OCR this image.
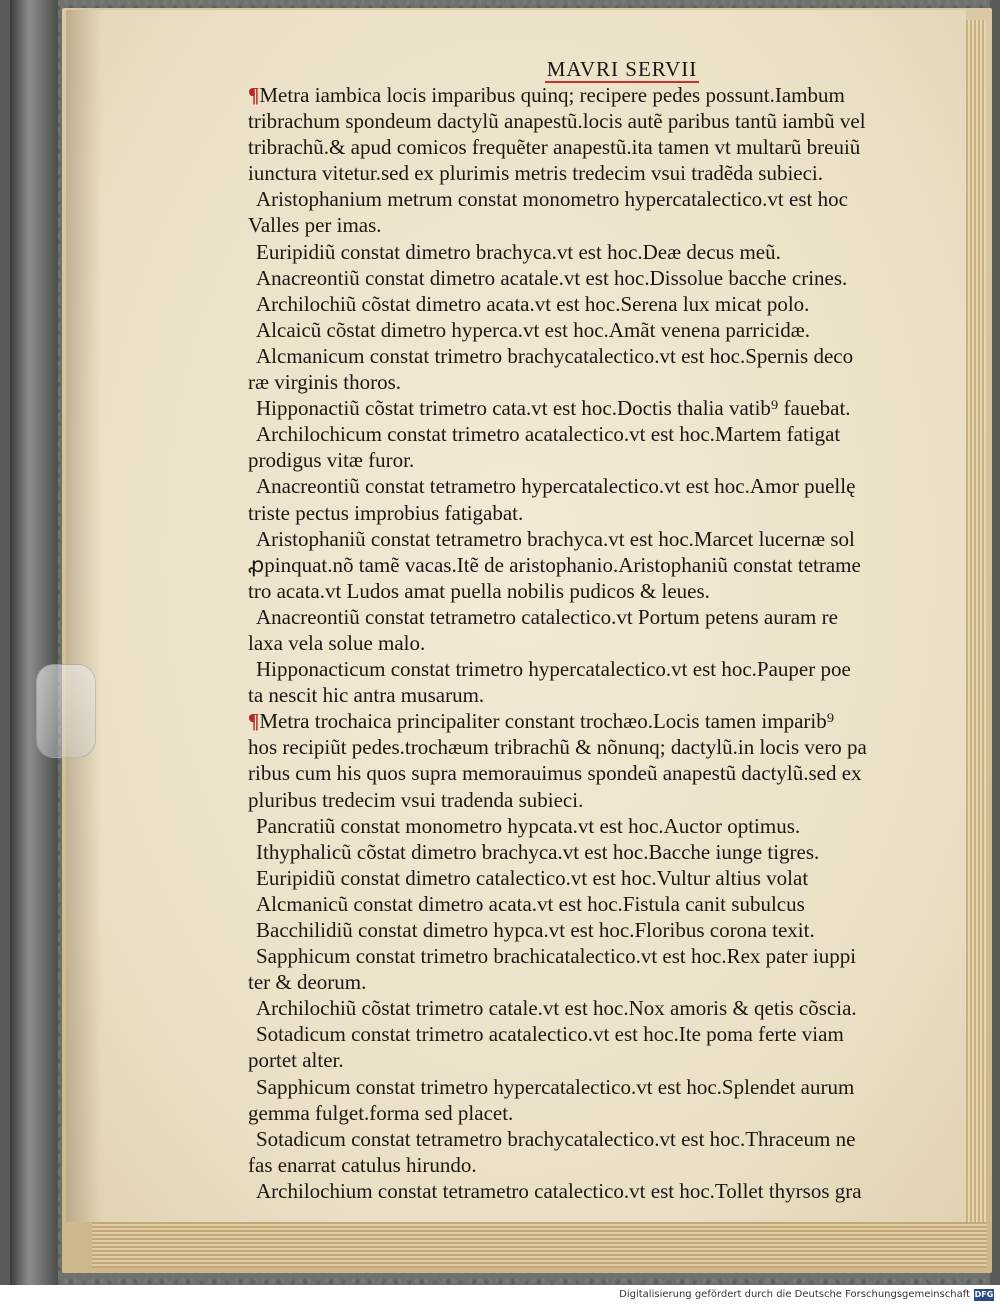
MAVRI SERVII
¶Metra iambica locis imparibus quinq; recipere pedes possunt.Iambum
tribrachum spondeum dactylũ anapestũ.locis autẽ paribus tantũ iambũ vel
tribrachũ.& apud comicos frequẽter anapestũ.ita tamen vt multarũ breuiũ
iunctura vitetur.sed ex plurimis metris tredecim vsui tradẽda subieci.
Aristophanium metrum constat monometro hypercatalectico.vt est hoc
Valles per imas.
Euripidiũ constat dimetro brachyca.vt est hoc.Deæ decus meũ.
Anacreontiũ constat dimetro acatale.vt est hoc.Dissolue bacche crines.
Archilochiũ cõstat dimetro acata.vt est hoc.Serena lux micat polo.
Alcaicũ cõstat dimetro hyperca.vt est hoc.Amãt venena parricidæ.
Alcmanicum constat trimetro brachycatalectico.vt est hoc.Spernis deco
ræ virginis thoros.
Hipponactiũ cõstat trimetro cata.vt est hoc.Doctis thalia vatib⁹ fauebat.
Archilochicum constat trimetro acatalectico.vt est hoc.Martem fatigat
prodigus vitæ furor.
Anacreontiũ constat tetrametro hypercatalectico.vt est hoc.Amor puellę
triste pectus improbius fatigabat.
Aristophaniũ constat tetrametro brachyca.vt est hoc.Marcet lucernæ sol
ꝓpinquat.nõ tamẽ vacas.Itẽ de aristophanio.Aristophaniũ constat tetrame
tro acata.vt Ludos amat puella nobilis pudicos & leues.
Anacreontiũ constat tetrametro catalectico.vt Portum petens auram re
laxa vela solue malo.
Hipponacticum constat trimetro hypercatalectico.vt est hoc.Pauper poe
ta nescit hic antra musarum.
¶Metra trochaica principaliter constant trochæo.Locis tamen imparib⁹
hos recipiũt pedes.trochæum tribrachũ & nõnunq; dactylũ.in locis vero pa
ribus cum his quos supra memorauimus spondeũ anapestũ dactylũ.sed ex
pluribus tredecim vsui tradenda subieci.
Pancratiũ constat monometro hypcata.vt est hoc.Auctor optimus.
Ithyphalicũ cõstat dimetro brachyca.vt est hoc.Bacche iunge tigres.
Euripidiũ constat dimetro catalectico.vt est hoc.Vultur altius volat
Alcmanicũ constat dimetro acata.vt est hoc.Fistula canit subulcus
Bacchilidiũ constat dimetro hypca.vt est hoc.Floribus corona texit.
Sapphicum constat trimetro brachicatalectico.vt est hoc.Rex pater iuppi
ter & deorum.
Archilochiũ cõstat trimetro catale.vt est hoc.Nox amoris & qetis cõscia.
Sotadicum constat trimetro acatalectico.vt est hoc.Ite poma ferte viam
portet alter.
Sapphicum constat trimetro hypercatalectico.vt est hoc.Splendet aurum
gemma fulget.forma sed placet.
Sotadicum constat tetrametro brachycatalectico.vt est hoc.Thraceum ne
fas enarrat catulus hirundo.
Archilochium constat tetrametro catalectico.vt est hoc.Tollet thyrsos gra
Digitalisierung gefördert durch die Deutsche Forschungsgemeinschaft DFG
